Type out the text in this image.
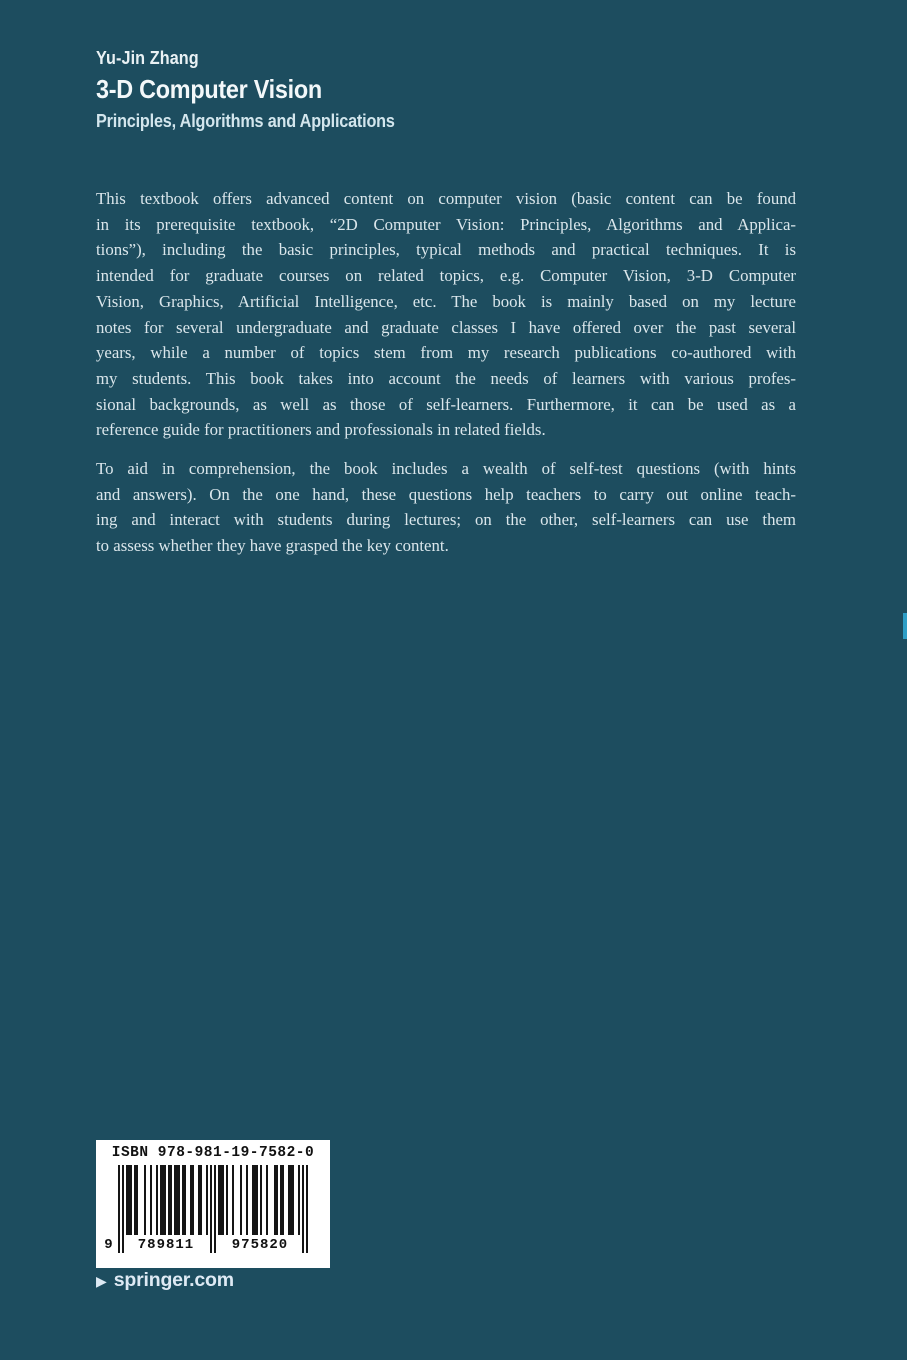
Yu-Jin Zhang
3-D Computer Vision
Principles, Algorithms and Applications
This textbook offers advanced content on computer vision (basic content can be found
in its prerequisite textbook, “2D Computer Vision: Principles, Algorithms and Applica-
tions”), including the basic principles, typical methods and practical techniques. It is
intended for graduate courses on related topics, e.g. Computer Vision, 3-D Computer
Vision, Graphics, Artificial Intelligence, etc. The book is mainly based on my lecture
notes for several undergraduate and graduate classes I have offered over the past several
years, while a number of topics stem from my research publications co-authored with
my students. This book takes into account the needs of learners with various profes-
sional backgrounds, as well as those of self-learners. Furthermore, it can be used as a
reference guide for practitioners and professionals in related fields.
To aid in comprehension, the book includes a wealth of self-test questions (with hints
and answers). On the one hand, these questions help teachers to carry out online teach-
ing and interact with students during lectures; on the other, self-learners can use them
to assess whether they have grasped the key content.
ISBN 978-981-19-7582-0
9	789811	975820
▶ springer.com
